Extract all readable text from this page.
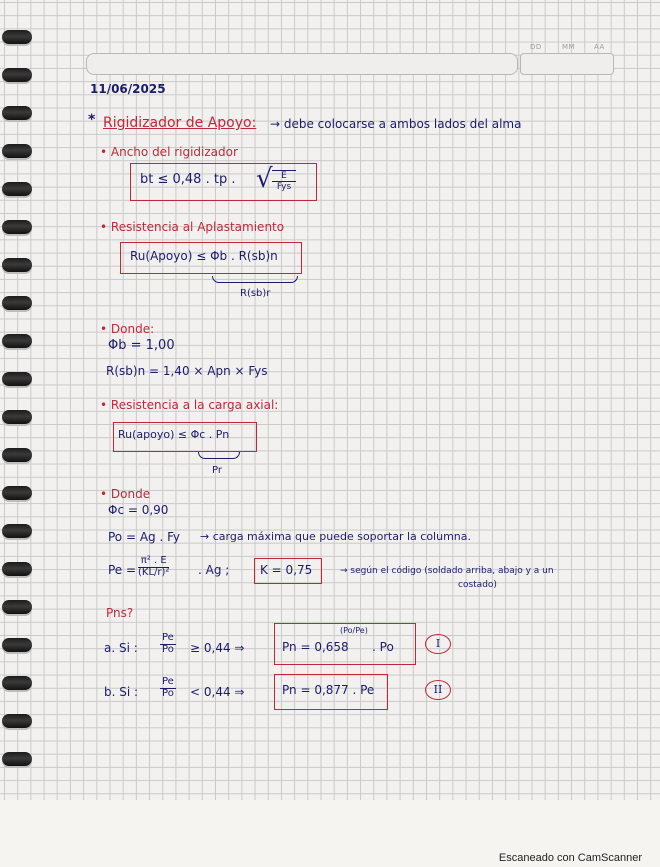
DD	MM	AA
11/06/2025
* Rigidizador de Apoyo: → debe colocarse a ambos lados del alma
• Ancho del rigidizador
bt ≤ 0,48 . tp . √ E
Fys
• Resistencia al Aplastamiento
Ru(Apoyo) ≤ Φb . R(sb)n
R(sb)r
• Donde:
Φb = 1,00
R(sb)n = 1,40 × Apn × Fys
• Resistencia a la carga axial:
Ru(apoyo) ≤ Φc . Pn
Pr
• Donde
Φc = 0,90
Po = Ag . Fy → carga máxima que puede soportar la columna.
$Pe = \frac{\text{π² . E}}{\text{(KL/r)²}}$ . Ag ;	K = 0,75	→ según el código (soldado arriba, abajo y a un
costado)
Pns?
a. Si : $\frac{Pe}{Po} \ge 0,44$ ⇒	Pn = 0,658
(Po/Pe)
. Po	I
b. Si : $\frac{Pe}{Po} < 0,44$ ⇒	Pn = 0,877 . Pe	II
Escaneado con CamScanner
